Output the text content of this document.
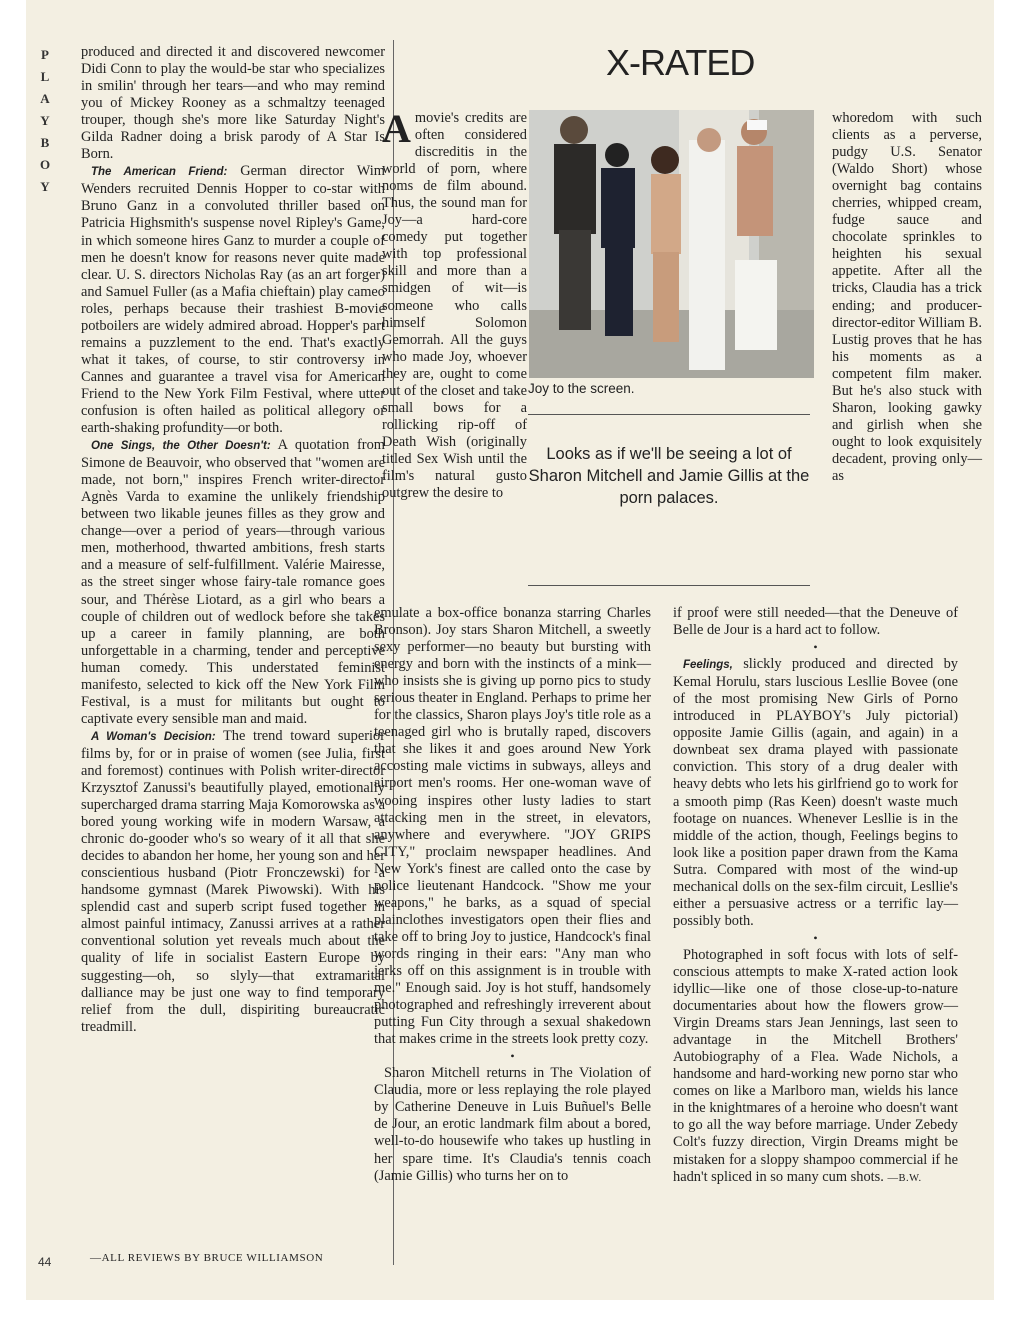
P
L
A
Y
B
O
Y

produced and directed it and discovered newcomer Didi Conn to play the would-be star who specializes in smilin' through her tears—and who may remind you of Mickey Rooney as a schmaltzy teenaged trouper, though she's more like Saturday Night's Gilda Radner doing a brisk parody of A Star Is Born.

The American Friend: German director Wim Wenders recruited Dennis Hopper to co-star with Bruno Ganz in a convoluted thriller based on Patricia Highsmith's suspense novel Ripley's Game, in which someone hires Ganz to murder a couple of men he doesn't know for reasons never quite made clear. U. S. directors Nicholas Ray (as an art forger) and Samuel Fuller (as a Mafia chieftain) play cameo roles, perhaps because their trashiest B-movie potboilers are widely admired abroad. Hopper's part remains a puzzlement to the end. That's exactly what it takes, of course, to stir controversy in Cannes and guarantee a travel visa for American Friend to the New York Film Festival, where utter confusion is often hailed as political allegory or earth-shaking profundity—or both.

One Sings, the Other Doesn't: A quotation from Simone de Beauvoir, who observed that "women are made, not born," inspires French writer-director Agnès Varda to examine the unlikely friendship between two likable jeunes filles as they grow and change—over a period of years—through various men, motherhood, thwarted ambitions, fresh starts and a measure of self-fulfillment. Valérie Mairesse, as the street singer whose fairy-tale romance goes sour, and Thérèse Liotard, as a girl who bears a couple of children out of wedlock before she takes up a career in family planning, are both unforgettable in a charming, tender and perceptive human comedy. This understated feminist manifesto, selected to kick off the New York Film Festival, is a must for militants but ought to captivate every sensible man and maid.

A Woman's Decision: The trend toward superior films by, for or in praise of women (see Julia, first and foremost) continues with Polish writer-director Krzysztof Zanussi's beautifully played, emotionally supercharged drama starring Maja Komorowska as a bored young working wife in modern Warsaw, a chronic do-gooder who's so weary of it all that she decides to abandon her home, her young son and her conscientious husband (Piotr Fronczewski) for a handsome gymnast (Marek Piwowski). With his splendid cast and superb script fused together in almost painful intimacy, Zanussi arrives at a rather conventional solution yet reveals much about the quality of life in socialist Eastern Europe by suggesting—oh, so slyly—that extramarital dalliance may be just one way to find temporary relief from the dull, dispiriting bureaucratic treadmill.

X-RATED
A movie's credits are often considered discreditis in the world of porn, where noms de film abound. Thus, the sound man for Joy—a hard-core comedy put together with top professional skill and more than a smidgen of wit—is someone who calls himself Solomon Gemorrah. All the guys who made Joy, whoever they are, ought to come out of the closet and take small bows for a rollicking rip-off of Death Wish (originally titled Sex Wish until the film's natural gusto outgrew the desire to
Joy to the screen.
whoredom with such clients as a perverse, pudgy U.S. Senator (Waldo Short) whose overnight bag contains cherries, whipped cream, fudge sauce and chocolate sprinkles to heighten his sexual appetite. After all the tricks, Claudia has a trick ending; and producer-director-editor William B. Lustig proves that he has his moments as a competent film maker. But he's also stuck with Sharon, looking gawky and girlish when she ought to look exquisitely decadent, proving only—as
Looks as if we'll be seeing a lot of Sharon Mitchell and Jamie Gillis at the porn palaces.

emulate a box-office bonanza starring Charles Bronson). Joy stars Sharon Mitchell, a sweetly sexy performer—no beauty but bursting with energy and born with the instincts of a mink—who insists she is giving up porno pics to study serious theater in England. Perhaps to prime her for the classics, Sharon plays Joy's title role as a teenaged girl who is brutally raped, discovers that she likes it and goes around New York accosting male victims in subways, alleys and airport men's rooms. Her one-woman wave of wooing inspires other lusty ladies to start attacking men in the street, in elevators, anywhere and everywhere. "JOY GRIPS CITY," proclaim newspaper headlines. And New York's finest are called onto the case by police lieutenant Handcock. "Show me your weapons," he barks, as a squad of special plainclothes investigators open their flies and take off to bring Joy to justice, Handcock's final words ringing in their ears: "Any man who jerks off on this assignment is in trouble with me." Enough said. Joy is hot stuff, handsomely photographed and refreshingly irreverent about putting Fun City through a sexual shakedown that makes crime in the streets look pretty cozy.

•

Sharon Mitchell returns in The Violation of Claudia, more or less replaying the role played by Catherine Deneuve in Luis Buñuel's Belle de Jour, an erotic landmark film about a bored, well-to-do housewife who takes up hustling in her spare time. It's Claudia's tennis coach (Jamie Gillis) who turns her on to

if proof were still needed—that the Deneuve of Belle de Jour is a hard act to follow.

•

Feelings, slickly produced and directed by Kemal Horulu, stars luscious Lesllie Bovee (one of the most promising New Girls of Porno introduced in PLAYBOY's July pictorial) opposite Jamie Gillis (again, and again) in a downbeat sex drama played with passionate conviction. This story of a drug dealer with heavy debts who lets his girlfriend go to work for a smooth pimp (Ras Keen) doesn't waste much footage on nuances. Whenever Lesllie is in the middle of the action, though, Feelings begins to look like a position paper drawn from the Kama Sutra. Compared with most of the wind-up mechanical dolls on the sex-film circuit, Lesllie's either a persuasive actress or a terrific lay—possibly both.

•

Photographed in soft focus with lots of self-conscious attempts to make X-rated action look idyllic—like one of those close-up-to-nature documentaries about how the flowers grow—Virgin Dreams stars Jean Jennings, last seen to advantage in the Mitchell Brothers' Autobiography of a Flea. Wade Nichols, a handsome and hard-working new porno star who comes on like a Marlboro man, wields his lance in the knightmares of a heroine who doesn't want to go all the way before marriage. Under Zebedy Colt's fuzzy direction, Virgin Dreams might be mistaken for a sloppy shampoo commercial if he hadn't spliced in so many cum shots. —B.W.

44	—ALL REVIEWS BY BRUCE WILLIAMSON
